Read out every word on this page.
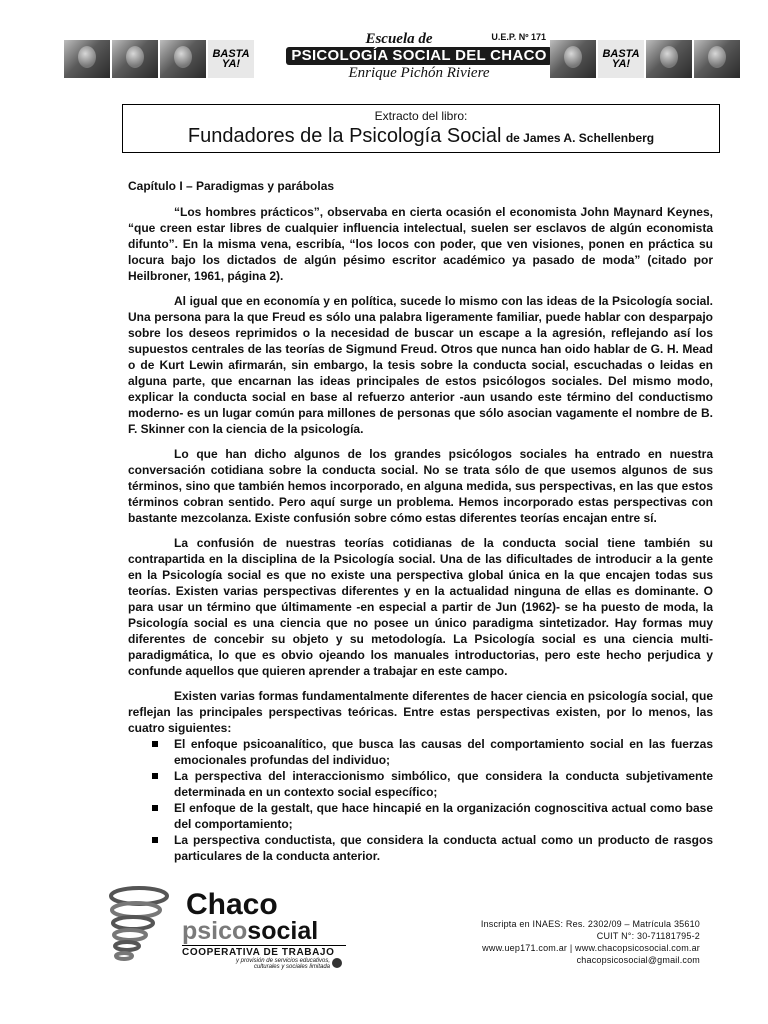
BASTA YA!
Escuela de	U.E.P. Nº 171
PSICOLOGÍA SOCIAL DEL CHACO
Enrique Pichón Riviere
BASTA YA!
Extracto del libro:
Fundadores de la Psicología Social de James A. Schellenberg
Capítulo I – Paradigmas y parábolas

“Los hombres prácticos”, observaba en cierta ocasión el economista John Maynard Keynes, “que creen estar libres de cualquier influencia intelectual, suelen ser esclavos de algún economista difunto”. En la misma vena, escribía, “los locos con poder, que ven visiones, ponen en práctica su locura bajo los dictados de algún pésimo escritor académico ya pasado de moda” (citado por Heilbroner, 1961, página 2).

Al igual que en economía y en política, sucede lo mismo con las ideas de la Psicología social. Una persona para la que Freud es sólo una palabra ligeramente familiar, puede hablar con desparpajo sobre los deseos reprimidos o la necesidad de buscar un escape a la agresión, reflejando así los supuestos centrales de las teorías de Sigmund Freud. Otros que nunca han oido hablar de G. H. Mead o de Kurt Lewin afirmarán, sin embargo, la tesis sobre la conducta social, escuchadas o leidas en alguna parte, que encarnan las ideas principales de estos psicólogos sociales. Del mismo modo, explicar la conducta social en base al refuerzo anterior -aun usando este término del conductismo moderno- es un lugar común para millones de personas que sólo asocian vagamente el nombre de B. F. Skinner con la ciencia de la psicología.

Lo que han dicho algunos de los grandes psicólogos sociales ha entrado en nuestra conversación cotidiana sobre la conducta social. No se trata sólo de que usemos algunos de sus términos, sino que también hemos incorporado, en alguna medida, sus perspectivas, en las que estos términos cobran sentido. Pero aquí surge un problema. Hemos incorporado estas perspectivas con bastante mezcolanza. Existe confusión sobre cómo estas diferentes teorías encajan entre sí.

La confusión de nuestras teorías cotidianas de la conducta social tiene también su contrapartida en la disciplina de la Psicología social. Una de las dificultades de introducir a la gente en la Psicología social es que no existe una perspectiva global única en la que encajen todas sus teorías. Existen varias perspectivas diferentes y en la actualidad ninguna de ellas es dominante. O para usar un término que últimamente -en especial a partir de Jun (1962)- se ha puesto de moda, la Psicología social es una ciencia que no posee un único paradigma sintetizador. Hay formas muy diferentes de concebir su objeto y su metodología. La Psicología social es una ciencia multi-paradigmática, lo que es obvio ojeando los manuales introductorias, pero este hecho perjudica y confunde aquellos que quieren aprender a trabajar en este campo.

Existen varias formas fundamentalmente diferentes de hacer ciencia en psicología social, que reflejan las principales perspectivas teóricas. Entre estas perspectivas existen, por lo menos, las cuatro siguientes:

El enfoque psicoanalítico, que busca las causas del comportamiento social en las fuerzas emocionales profundas del individuo;
La perspectiva del interaccionismo simbólico, que considera la conducta subjetivamente determinada en un contexto social específico;
El enfoque de la gestalt, que hace hincapié en la organización cognoscitiva actual como base del comportamiento;
La perspectiva conductista, que considera la conducta actual como un producto de rasgos particulares de la conducta anterior.
Chaco
psicosocial
COOPERATIVA DE TRABAJO
y provisión de servicios educativos, culturales y sociales limitada
Inscripta en INAES: Res. 2302/09 – Matrícula 35610
CUIT N°: 30-71181795-2
www.uep171.com.ar | www.chacopsicosocial.com.ar
chacopsicosocial@gmail.com
